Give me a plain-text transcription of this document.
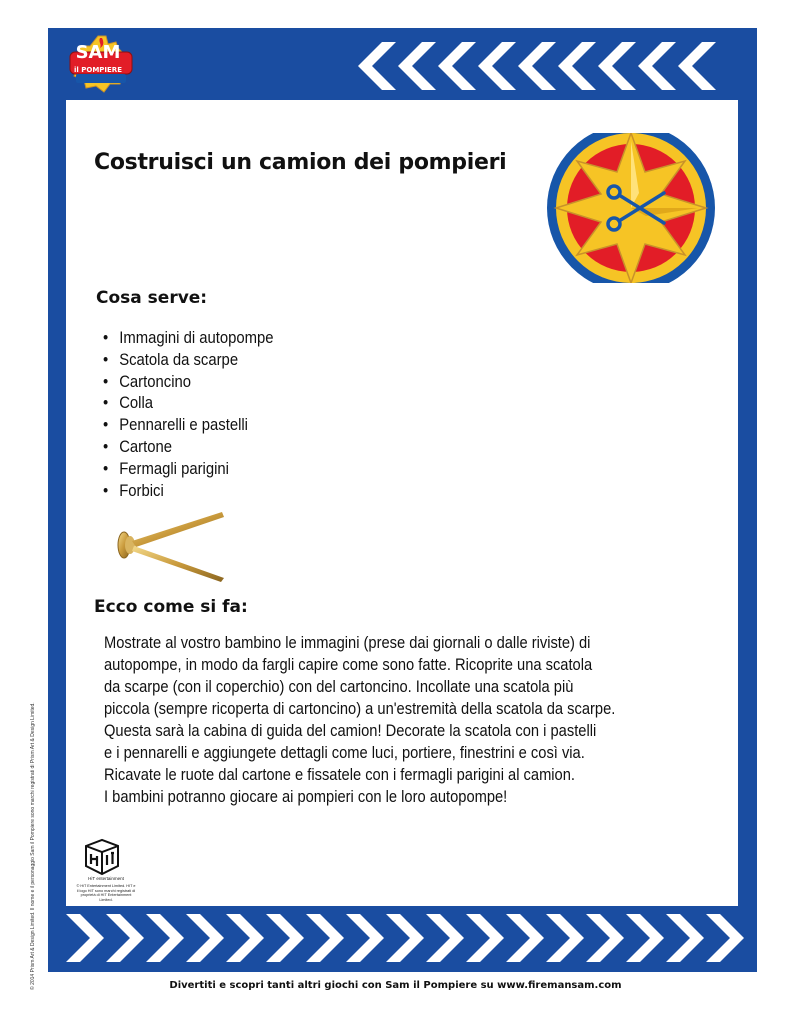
SAM
il POMPIERE
Costruisci un camion dei pompieri
Cosa serve:
• Immagini di autopompe
• Scatola da scarpe
• Cartoncino
• Colla
• Pennarelli e pastelli
• Cartone
• Fermagli parigini
• Forbici
Ecco come si fa:
Mostrate al vostro bambino le immagini (prese dai giornali o dalle riviste) di
autopompe, in modo da fargli capire come sono fatte. Ricoprite una scatola
da scarpe (con il coperchio) con del cartoncino. Incollate una scatola più
piccola (sempre ricoperta di cartoncino) a un'estremità della scatola da scarpe.
Questa sarà la cabina di guida del camion! Decorate la scatola con i pastelli
e i pennarelli e aggiungete dettagli come luci, portiere, finestrini e così via.
Ricavate le ruote dal cartone e fissatele con i fermagli parigini al camion.
I bambini potranno giocare ai pompieri con le loro autopompe!
© 2014 Prism Art & Design Limited. Il nome e il personaggio Sam il Pompiere sono marchi registrati di Prism Art & Design Limited.	HiT entertainment
© HiT Entertainment Limited. HIT e il logo HIT sono marchi registrati di proprietà di HIT Entertainment Limited.
Divertiti e scopri tanti altri giochi con Sam il Pompiere su www.firemansam.com
